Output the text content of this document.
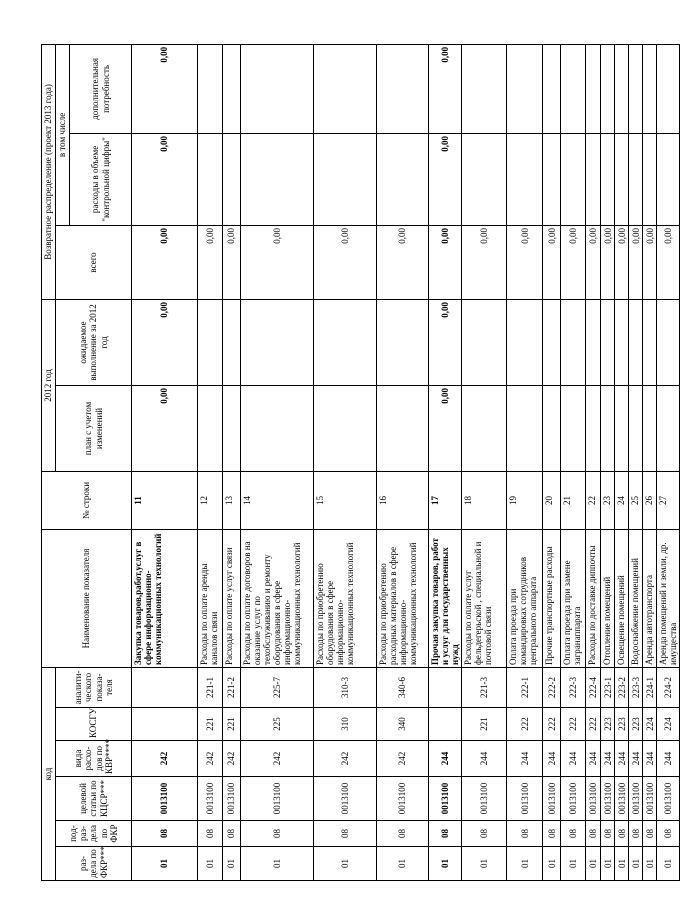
код						Наименование показателя	№ строки	2012 год		Возвратное распределение (проект 2013 года)		
раз- дела по ФКР***	под- раз- дела по ФКР	целевой статьи по КЦСР***	вида расхо- дов по КВР****	КОСГУ	аналити- ческого показа- теля			план с учетом изменений	ожидаемое выполнение за 2012 год	всего	в том числе	
											расходы в объеме "контрольной цифры"	дополнительная потребность
01	08	0013100	242			Закупка товаров,работ,услуг в сфере информационно-коммуникационных технологий	11	0,00	0,00	0,00	0,00	0,00
01	08	0013100	242	221	221-1	Расходы по оплате аренды каналов связи	12			0,00		
01	08	0013100	242	221	221-2	Расходы по оплате услуг связи	13			0,00		
01	08	0013100	242	225	225-7	Расходы по оплате договоров на оказание услуг по техобслуживанию и ремонту оборудования в сфере информационно-коммуникационных технологий	14			0,00		
01	08	0013100	242	310	310-3	Расходы по приобретению оборудования в сфере информационно-коммуникационных технологий	15			0,00		
01	08	0013100	242	340	340-6	Расходы по приобретению расходных материалов в сфере информационно-коммуникационных технологий	16			0,00		
01	08	0013100	244			Прочая закупка товаров, работ и услуг для государственных нужд	17	0,00	0,00	0,00	0,00	0,00
01	08	0013100	244	221	221-3	Расходы по оплате услуг фельдегерьской , специальной и почтовой связи	18			0,00		
01	08	0013100	244	222	222-1	Оплата проезда при командировках сотрудников центрального аппарата	19			0,00		
01	08	0013100	244	222	222-2	Прочие транспортные расходы	20			0,00		
01	08	0013100	244	222	222-3	Оплата проезда при замене загранаппарата	21			0,00		
01	08	0013100	244	222	222-4	Расходы по доставке диппочты	22			0,00		
01	08	0013100	244	223	223-1	Отопление помещений	23			0,00		
01	08	0013100	244	223	223-2	Освещение помещений	24			0,00		
01	08	0013100	244	223	223-3	Водоснабжение помещений	25			0,00		
01	08	0013100	244	224	224-1	Аренда автотранспорта	26			0,00		
01	08	0013100	244	224	224-2	Аренда помещений и земли, др. имущества	27			0,00		
